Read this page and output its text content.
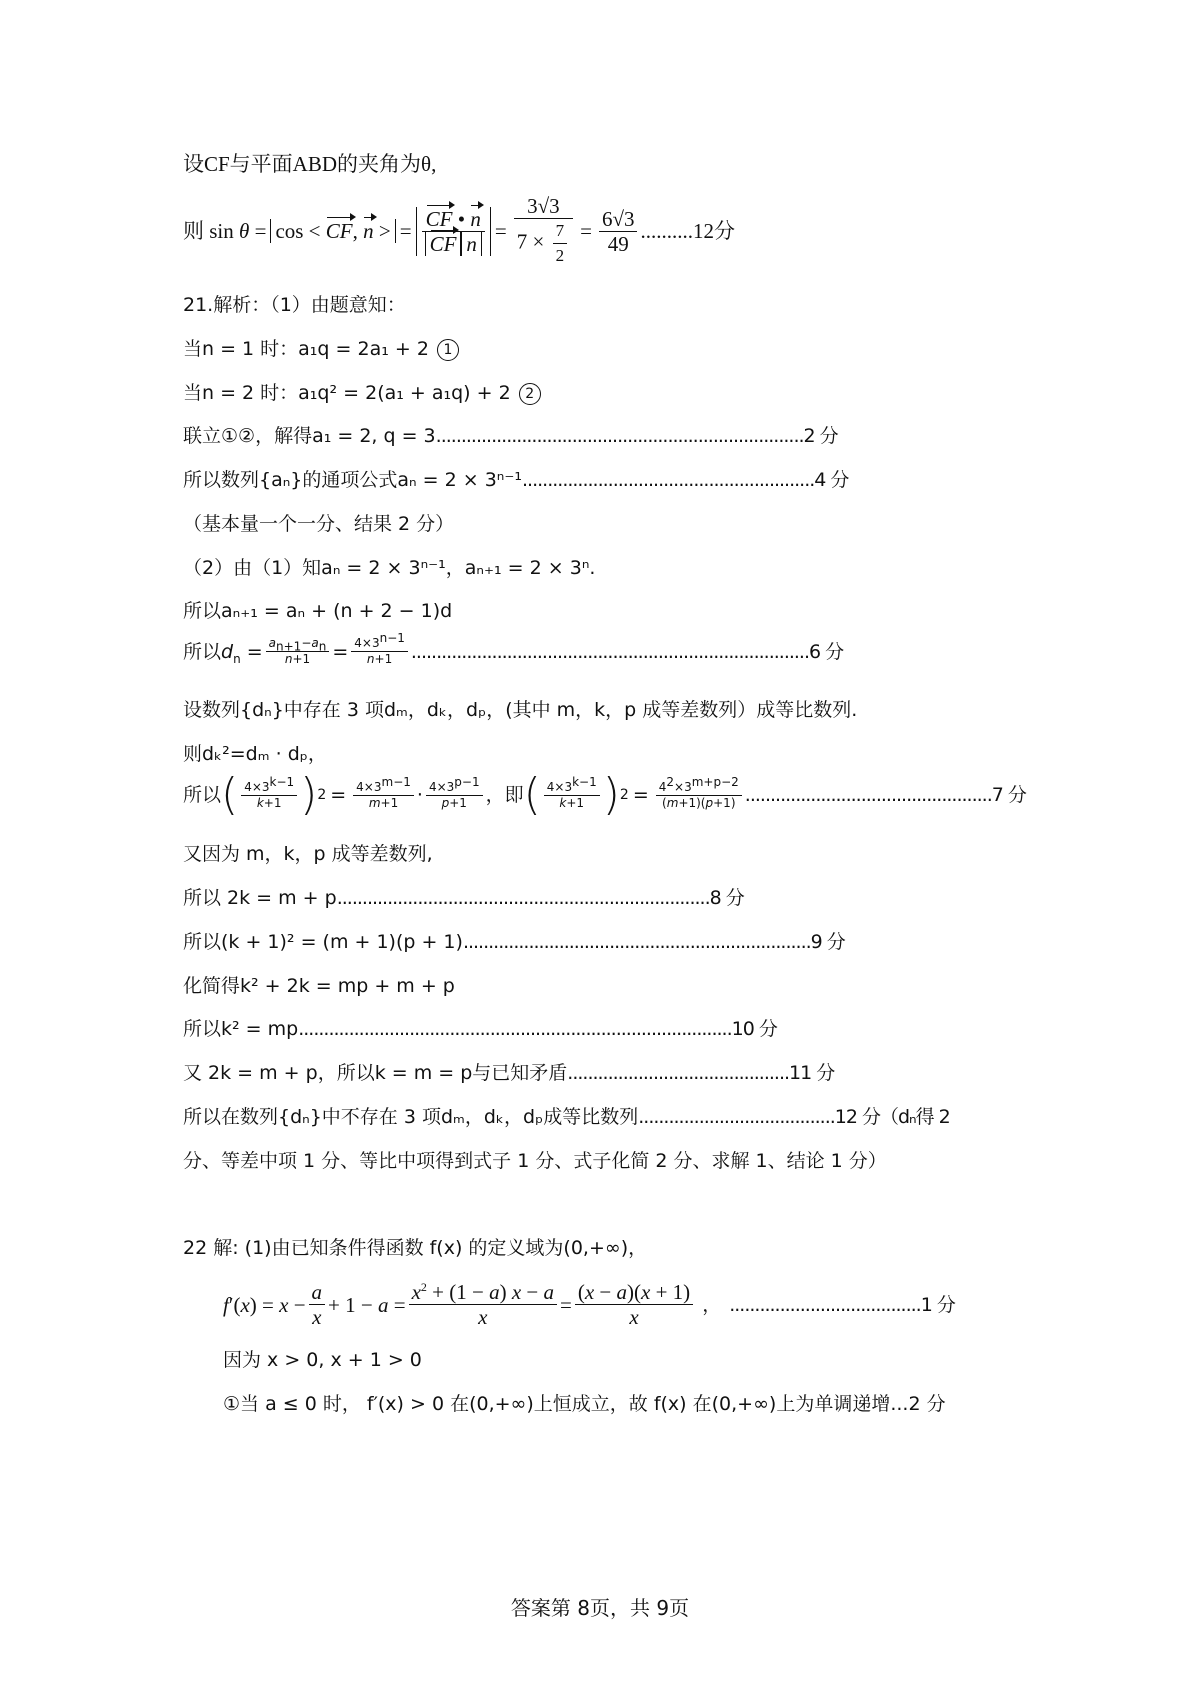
设CF与平面ABD的夹角为θ,
则 sin θ = cos < CF, n > = $\frac{CF • n}{\text{CF n}} = \frac{3√3}{7 \times \frac{7}{2}} = \frac{6√3}{49} ..........12$分
21.解析：（1）由题意知：
当n = 1 时：a₁q = 2a₁ + 2 1
当n = 2 时：a₁q² = 2(a₁ + a₁q) + 2 2
联立①②，解得a₁ = 2, q = 3.........................................................................2 分
所以数列{aₙ}的通项公式aₙ = 2 × 3ⁿ⁻¹..........................................................4 分
（基本量一个一分、结果 2 分）
（2）由（1）知aₙ = 2 × 3ⁿ⁻¹，aₙ₊₁ = 2 × 3ⁿ.
所以aₙ₊₁ = aₙ + (n + 2 − 1)d
所以$d_n = \frac{a_{n+1}-a_n}{n+1} = \frac{4\times 3^{n-1}}{n+1} ...............................................................................6$ 分
设数列{dₙ}中存在 3 项dₘ，dₖ，dₚ，(其中 m，k，p 成等差数列）成等比数列.
则dₖ²=dₘ · dₚ，
所以 ( $\frac{4\times 3^{k-1}}{k+1}$ ) $2 = \frac{4\times 3^{m-1}}{m+1} \cdot \frac{4\times 3^{p-1}}{p+1}$ ，即 ( $\frac{4\times 3^{k-1}}{k+1}$ ) $2 = \frac{4^2\times 3^{m+p-2}}{(m+1)(p+1)} .................................................7$ 分
又因为 m，k，p 成等差数列,
所以 2k = m + p..........................................................................8 分
所以(k + 1)² = (m + 1)(p + 1).....................................................................9 分
化简得k² + 2k = mp + m + p
所以k² = mp......................................................................................10 分
又 2k = m + p，所以k = m = p与已知矛盾............................................11 分
所以在数列{dₙ}中不存在 3 项dₘ，dₖ，dₚ成等比数列.......................................12 分（dₙ得 2
分、等差中项 1 分、等比中项得到式子 1 分、式子化简 2 分、求解 1、结论 1 分）
22 解: (1)由已知条件得函数 f(x) 的定义域为(0,+∞)，
$f'(x) = x - \frac{a}{x} + 1 - a = \frac{x^2 + (1 - a) x - a}{x} = \frac{(x - a)(x + 1)}{x}$ ， ......................................1 分
因为 x > 0, x + 1 > 0
①当 a ≤ 0 时， f′(x) > 0 在(0,+∞)上恒成立，故 f(x) 在(0,+∞)上为单调递增...2 分
答案第 8页，共 9页
